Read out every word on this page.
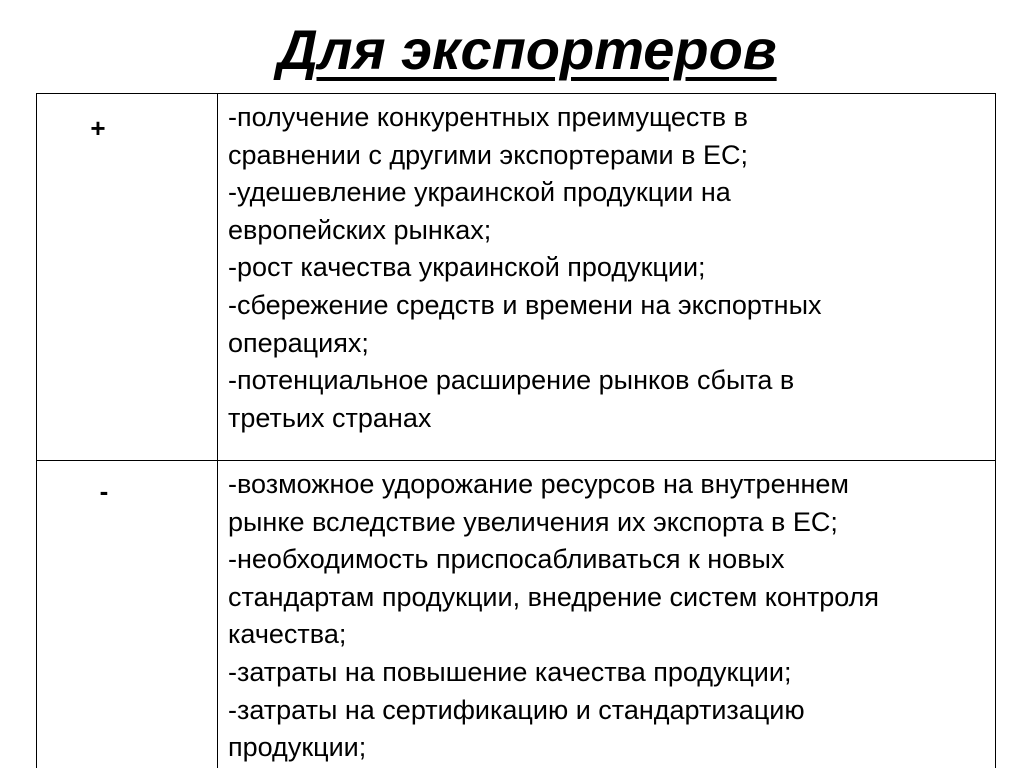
Для экспортеров
+	-получение конкурентных преимуществ в
сравнении с другими экспортерами в ЕС;
-удешевление украинской продукции на
европейских рынках;
-рост качества украинской продукции;
-сбережение средств и времени на экспортных
операциях;
-потенциальное расширение рынков сбыта в
третьих странах
-	-возможное удорожание ресурсов на внутреннем
рынке вследствие увеличения их экспорта в ЕС;
-необходимость приспосабливаться к новых
стандартам продукции, внедрение систем контроля
качества;
-затраты на повышение качества продукции;
-затраты на сертификацию и стандартизацию
продукции;
